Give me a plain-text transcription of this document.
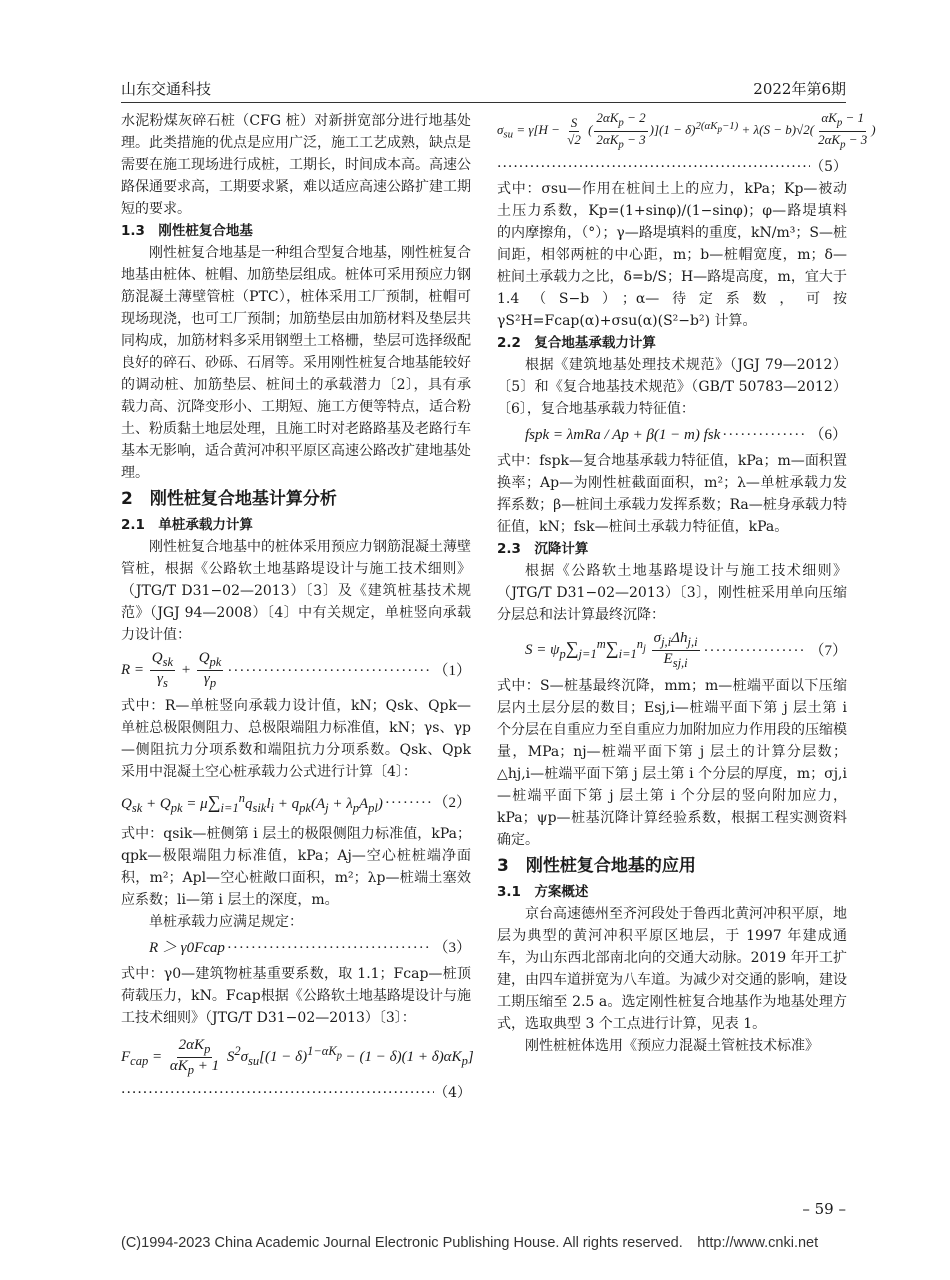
山东交通科技	2022年第6期

水泥粉煤灰碎石桩（CFG 桩）对新拼宽部分进行地基处理。此类措施的优点是应用广泛，施工工艺成熟，缺点是需要在施工现场进行成桩，工期长，时间成本高。高速公路保通要求高，工期要求紧，难以适应高速公路扩建工期短的要求。

1.3　刚性桩复合地基

刚性桩复合地基是一种组合型复合地基，刚性桩复合地基由桩体、桩帽、加筋垫层组成。桩体可采用预应力钢筋混凝土薄壁管桩（PTC），桩体采用工厂预制，桩帽可现场现浇，也可工厂预制；加筋垫层由加筋材料及垫层共同构成，加筋材料多采用钢塑土工格栅，垫层可选择级配良好的碎石、砂砾、石屑等。采用刚性桩复合地基能较好的调动桩、加筋垫层、桩间土的承载潜力〔2〕，具有承载力高、沉降变形小、工期短、施工方便等特点，适合粉土、粉质黏土地层处理，且施工时对老路路基及老路行车基本无影响，适合黄河冲积平原区高速公路改扩建地基处理。

2　刚性桩复合地基计算分析
2.1　单桩承载力计算

刚性桩复合地基中的桩体采用预应力钢筋混凝土薄壁管桩，根据《公路软土地基路堤设计与施工技术细则》（JTG/T D31−02—2013）〔3〕及《建筑桩基技术规范》（JGJ 94—2008）〔4〕中有关规定，单桩竖向承载力设计值：

$R = \frac{Q_{sk}}{\gamma_s} + \frac{Q_{pk}}{\gamma_p}$ ·····	（1）

式中：R—单桩竖向承载力设计值，kN；Qsk、Qpk—单桩总极限侧阻力、总极限端阻力标准值，kN；γs、γp—侧阻抗力分项系数和端阻抗力分项系数。Qsk、Qpk采用中混凝土空心桩承载力公式进行计算〔4〕：

$Q_{sk} + Q_{pk} = \mu\sum_{i=1}^nq_{sik}l_i + q_{pk}(A_j + \lambda_pA_{pl})$ ·····	（2）

式中：qsik—桩侧第 i 层土的极限侧阻力标准值，kPa；qpk—极限端阻力标准值，kPa；Aj—空心桩桩端净面积，m²；Apl—空心桩敞口面积，m²；λp—桩端土塞效应系数；li—第 i 层土的深度，m。

单桩承载力应满足规定：

R ＞ γ0Fcap ·····	（3）

式中：γ0—建筑物桩基重要系数，取 1.1；Fcap—桩顶荷载压力，kN。Fcap根据《公路软土地基路堤设计与施工技术细则》（JTG/T D31−02—2013）〔3〕：

$F_{cap} = \frac{2\alpha K_p}{\alpha K_p + 1} S^2\sigma_{su}[(1 - \delta)^{1-\alpha K_p} - (1 - \delta)(1 + \delta)\alpha K_p]$
·····
（4）
$\sigma_{su} = \gamma[H - \frac{S}{√2}$ ( $\frac{2\alpha K_p - 2}{2\alpha K_p - 3} )](1 - \delta)^{2(\alpha K_p-1)} + \lambda(S - b)√2( \frac{\alpha K_p - 1}{2\alpha K_p - 3}$ )
·····
（5）

式中：σsu—作用在桩间土上的应力，kPa；Kp—被动土压力系数，Kp=(1+sinφ)/(1−sinφ)；φ—路堤填料的内摩擦角，（°）；γ—路堤填料的重度，kN/m³；S—桩间距，相邻两桩的中心距，m；b—桩帽宽度，m；δ—桩间土承载力之比，δ=b/S；H—路堤高度，m，宜大于 1.4（S−b）；α—待定系数，可按 γS²H=Fcap(α)+σsu(α)(S²−b²) 计算。

2.2　复合地基承载力计算

根据《建筑地基处理技术规范》（JGJ 79—2012）〔5〕和《复合地基技术规范》（GB/T 50783—2012）〔6〕，复合地基承载力特征值：

fspk = λmRa / Ap + β(1 − m) fsk ·····	（6）

式中：fspk—复合地基承载力特征值，kPa；m—面积置换率；Ap—为刚性桩截面面积，m²；λ—单桩承载力发挥系数；β—桩间土承载力发挥系数；Ra—桩身承载力特征值，kN；fsk—桩间土承载力特征值，kPa。

2.3　沉降计算

根据《公路软土地基路堤设计与施工技术细则》（JTG/T D31−02—2013）〔3〕，刚性桩采用单向压缩分层总和法计算最终沉降：

$S = \psi_p\sum_{j=1}^m\sum_{i=1}^{n_j} \frac{\sigma_{j,i}\Delta h_{j,i}}{E_{sj,i}}$ ·····	（7）

式中：S—桩基最终沉降，mm；m—桩端平面以下压缩层内土层分层的数目；Esj,i—桩端平面下第 j 层土第 i 个分层在自重应力至自重应力加附加应力作用段的压缩模量，MPa；nj—桩端平面下第 j 层土的计算分层数；△hj,i—桩端平面下第 j 层土第 i 个分层的厚度，m；σj,i—桩端平面下第 j 层土第 i 个分层的竖向附加应力，kPa；ψp—桩基沉降计算经验系数，根据工程实测资料确定。

3　刚性桩复合地基的应用
3.1　方案概述

京台高速德州至齐河段处于鲁西北黄河冲积平原，地层为典型的黄河冲积平原区地层，于 1997 年建成通车，为山东西北部南北向的交通大动脉。2019 年开工扩建，由四车道拼宽为八车道。为减少对交通的影响，建设工期压缩至 2.5 a。选定刚性桩复合地基作为地基处理方式，选取典型 3 个工点进行计算，见表 1。

刚性桩桩体选用《预应力混凝土管桩技术标准》

– 59 –
(C)1994-2023 China Academic Journal Electronic Publishing House. All rights reserved.　http://www.cnki.net
